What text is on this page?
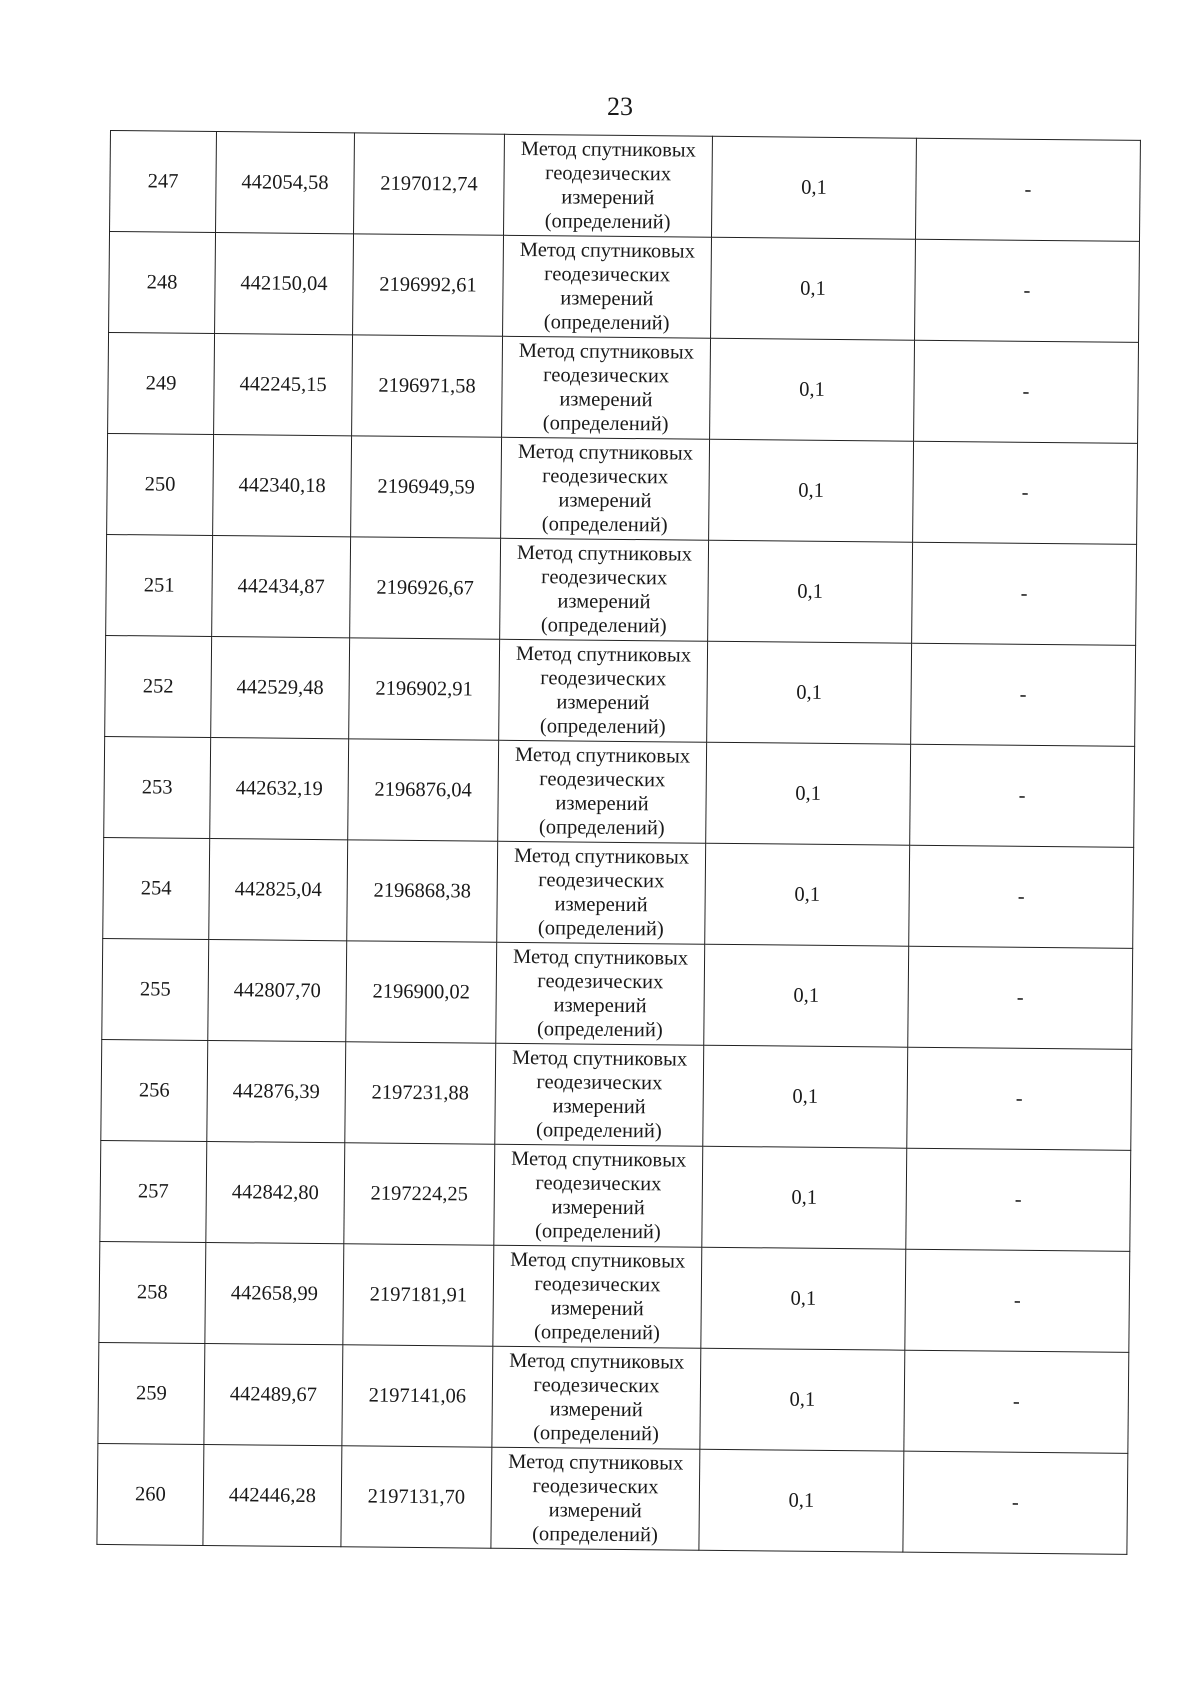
23
247	442054,58	2197012,74	Метод спутниковых
геодезических
измерений
(определений)	0,1	-
248	442150,04	2196992,61	Метод спутниковых
геодезических
измерений
(определений)	0,1	-
249	442245,15	2196971,58	Метод спутниковых
геодезических
измерений
(определений)	0,1	-
250	442340,18	2196949,59	Метод спутниковых
геодезических
измерений
(определений)	0,1	-
251	442434,87	2196926,67	Метод спутниковых
геодезических
измерений
(определений)	0,1	-
252	442529,48	2196902,91	Метод спутниковых
геодезических
измерений
(определений)	0,1	-
253	442632,19	2196876,04	Метод спутниковых
геодезических
измерений
(определений)	0,1	-
254	442825,04	2196868,38	Метод спутниковых
геодезических
измерений
(определений)	0,1	-
255	442807,70	2196900,02	Метод спутниковых
геодезических
измерений
(определений)	0,1	-
256	442876,39	2197231,88	Метод спутниковых
геодезических
измерений
(определений)	0,1	-
257	442842,80	2197224,25	Метод спутниковых
геодезических
измерений
(определений)	0,1	-
258	442658,99	2197181,91	Метод спутниковых
геодезических
измерений
(определений)	0,1	-
259	442489,67	2197141,06	Метод спутниковых
геодезических
измерений
(определений)	0,1	-
260	442446,28	2197131,70	Метод спутниковых
геодезических
измерений
(определений)	0,1	-
